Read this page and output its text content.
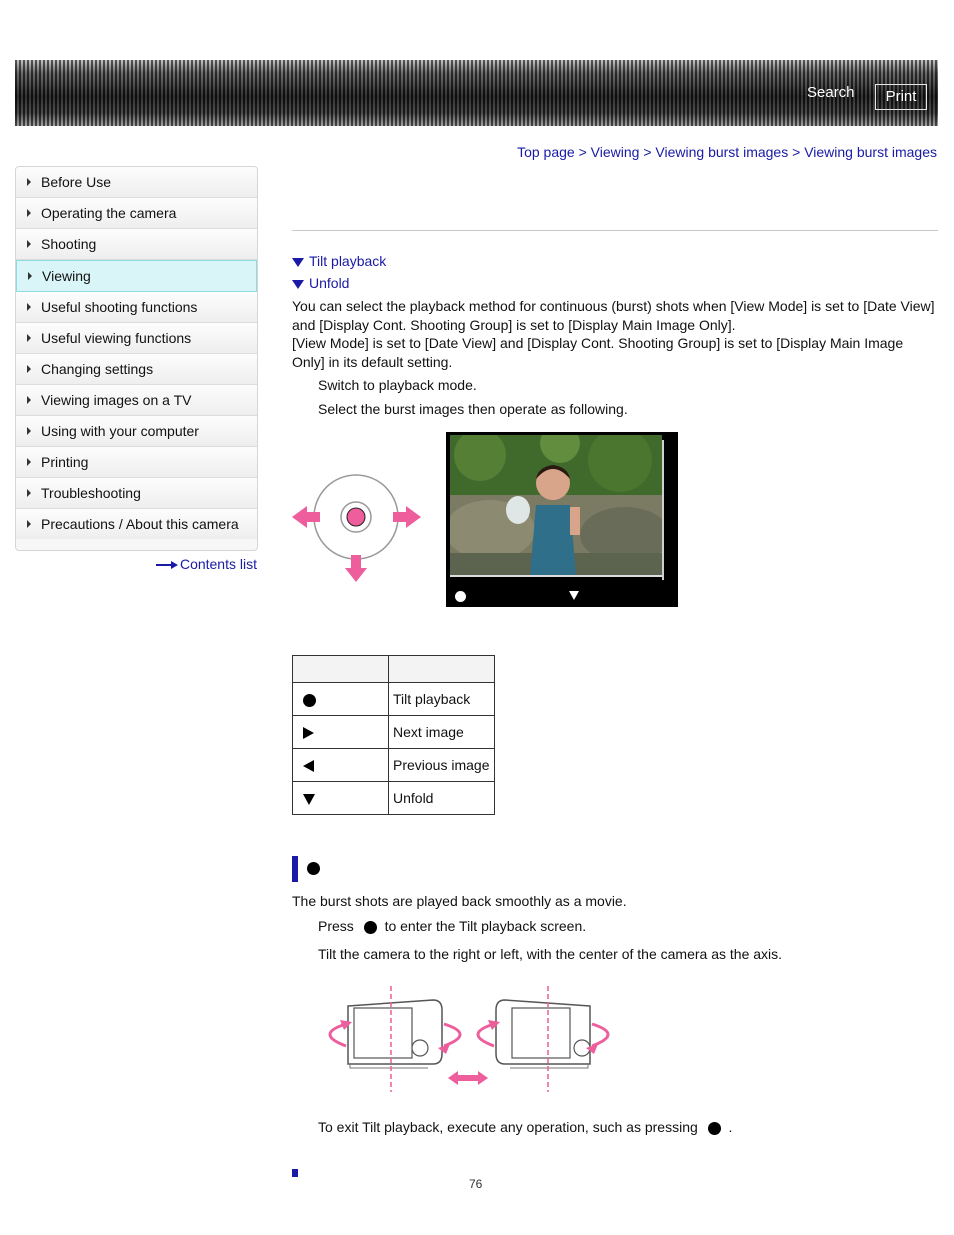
Search	Print
Top page > Viewing > Viewing burst images > Viewing burst images
Before Use
Operating the camera
Shooting
Viewing
Useful shooting functions
Useful viewing functions
Changing settings
Viewing images on a TV
Using with your computer
Printing
Troubleshooting
Precautions / About this camera
Contents list
Tilt playback
Unfold
You can select the playback method for continuous (burst) shots when [View Mode] is set to [Date View] and [Display Cont. Shooting Group] is set to [Display Main Image Only].
[View Mode] is set to [Date View] and [Display Cont. Shooting Group] is set to [Display Main Image Only] in its default setting.
Switch to playback mode.
Select the burst images then operate as following.

	Tilt playback
	Next image
	Previous image
	Unfold
The burst shots are played back smoothly as a movie.
Press to enter the Tilt playback screen.
Tilt the camera to the right or left, with the center of the camera as the axis.
To exit Tilt playback, execute any operation, such as pressing .
76
